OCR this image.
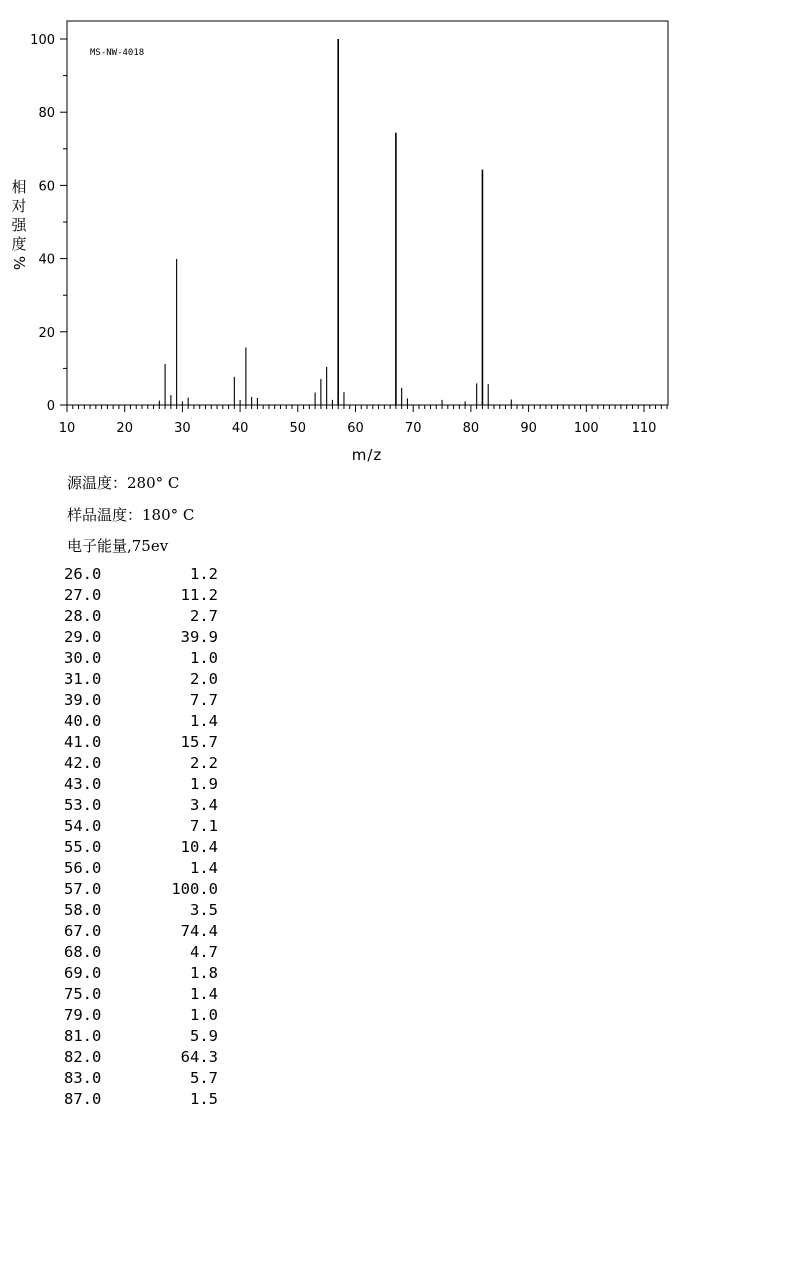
MS-NW-4018
相
对
强
度
%
10	20	30	40	50	60	70	80	90	100	110
0
20
40
60
80
100
m/z
源温度：280° C
样品温度：180° C
电子能量,75ev
26.0	1.2
27.0	11.2
28.0	2.7
29.0	39.9
30.0	1.0
31.0	2.0
39.0	7.7
40.0	1.4
41.0	15.7
42.0	2.2
43.0	1.9
53.0	3.4
54.0	7.1
55.0	10.4
56.0	1.4
57.0	100.0
58.0	3.5
67.0	74.4
68.0	4.7
69.0	1.8
75.0	1.4
79.0	1.0
81.0	5.9
82.0	64.3
83.0	5.7
87.0	1.5
